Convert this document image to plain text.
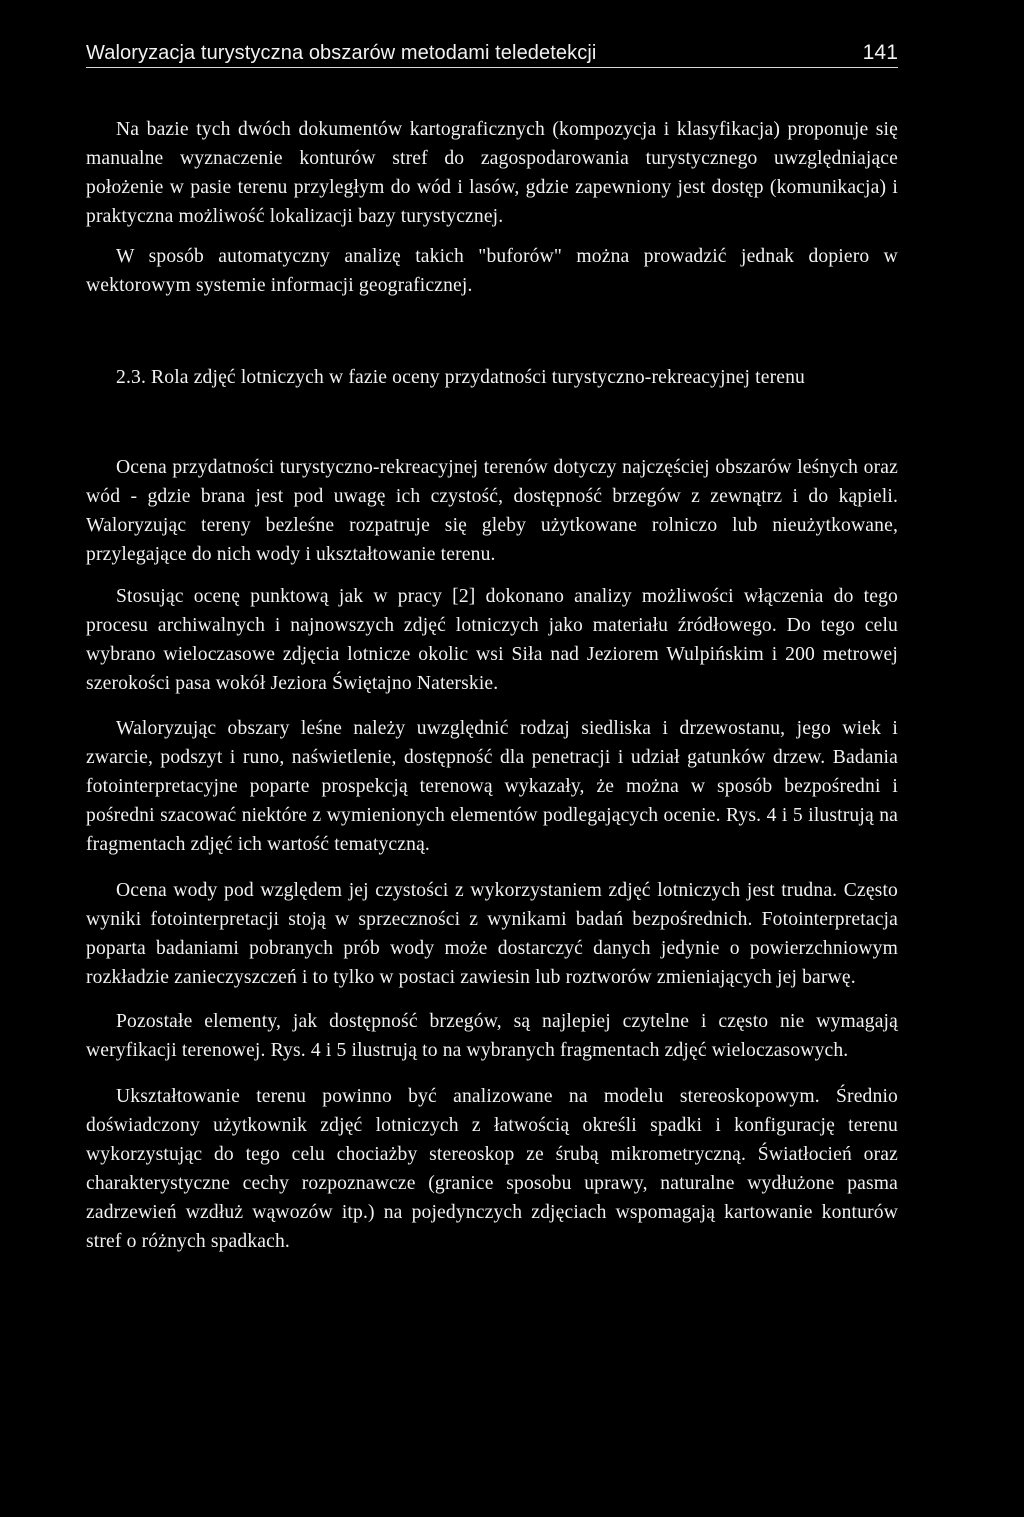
Waloryzacja turystyczna obszarów metodami teledetekcji	141

Na bazie tych dwóch dokumentów kartograficznych (kompozycja i klasyfikacja) proponuje się manualne wyznaczenie konturów stref do zagospodarowania turystycznego uwzględniające położenie w pasie terenu przyległym do wód i lasów, gdzie zapewniony jest dostęp (komunikacja) i praktyczna możliwość lokalizacji bazy turystycznej.

W sposób automatyczny analizę takich "buforów" można prowadzić jednak dopiero w wektorowym systemie informacji geograficznej.

2.3. Rola zdjęć lotniczych w fazie oceny przydatności turystyczno-rekreacyjnej terenu

Ocena przydatności turystyczno-rekreacyjnej terenów dotyczy najczęściej obszarów leśnych oraz wód - gdzie brana jest pod uwagę ich czystość, dostępność brzegów z zewnątrz i do kąpieli. Waloryzując tereny bezleśne rozpatruje się gleby użytkowane rolniczo lub nieużytkowane, przylegające do nich wody i ukształtowanie terenu.

Stosując ocenę punktową jak w pracy [2] dokonano analizy możliwości włączenia do tego procesu archiwalnych i najnowszych zdjęć lotniczych jako materiału źródłowego. Do tego celu wybrano wieloczasowe zdjęcia lotnicze okolic wsi Siła nad Jeziorem Wulpińskim i 200 metrowej szerokości pasa wokół Jeziora Świętajno Naterskie.

Waloryzując obszary leśne należy uwzględnić rodzaj siedliska i drzewostanu, jego wiek i zwarcie, podszyt i runo, naświetlenie, dostępność dla penetracji i udział gatunków drzew. Badania fotointerpretacyjne poparte prospekcją terenową wykazały, że można w sposób bezpośredni i pośredni szacować niektóre z wymienionych elementów podlegających ocenie. Rys. 4 i 5 ilustrują na fragmentach zdjęć ich wartość tematyczną.

Ocena wody pod względem jej czystości z wykorzystaniem zdjęć lotniczych jest trudna. Często wyniki fotointerpretacji stoją w sprzeczności z wynikami badań bezpośrednich. Fotointerpretacja poparta badaniami pobranych prób wody może dostarczyć danych jedynie o powierzchniowym rozkładzie zanieczyszczeń i to tylko w postaci zawiesin lub roztworów zmieniających jej barwę.

Pozostałe elementy, jak dostępność brzegów, są najlepiej czytelne i często nie wymagają weryfikacji terenowej. Rys. 4 i 5 ilustrują to na wybranych fragmentach zdjęć wieloczasowych.

Ukształtowanie terenu powinno być analizowane na modelu stereoskopowym. Średnio doświadczony użytkownik zdjęć lotniczych z łatwością określi spadki i konfigurację terenu wykorzystując do tego celu chociażby stereoskop ze śrubą mikrometryczną. Światłocień oraz charakterystyczne cechy rozpoznawcze (granice sposobu uprawy, naturalne wydłużone pasma zadrzewień wzdłuż wąwozów itp.) na pojedynczych zdjęciach wspomagają kartowanie konturów stref o różnych spadkach.
